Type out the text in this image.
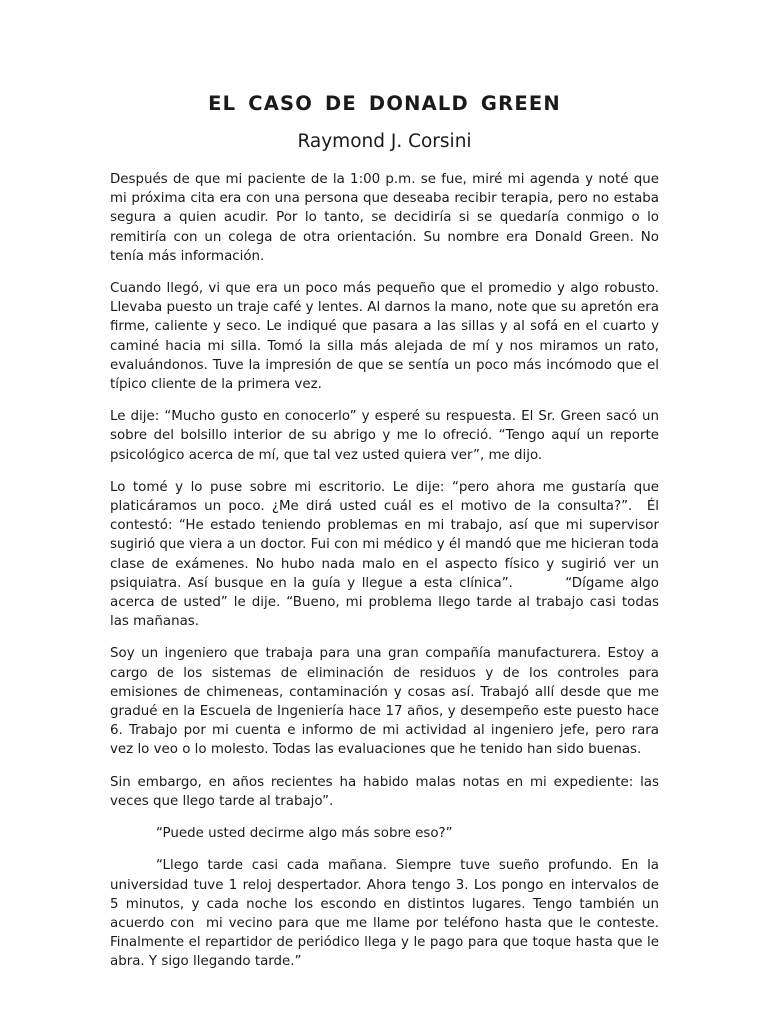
EL CASO DE DONALD GREEN
Raymond J. Corsini

Después de que mi paciente de la 1:00 p.m. se fue, miré mi agenda y noté que mi próxima cita era con una persona que deseaba recibir terapia, pero no estaba segura a quien acudir. Por lo tanto, se decidiría si se quedaría conmigo o lo remitiría con un colega de otra orientación. Su nombre era Donald Green. No tenía más información.

Cuando llegó, vi que era un poco más pequeño que el promedio y algo robusto. Llevaba puesto un traje café y lentes. Al darnos la mano, note que su apretón era firme, caliente y seco. Le indiqué que pasara a las sillas y al sofá en el cuarto y caminé hacia mi silla. Tomó la silla más alejada de mí y nos miramos un rato, evaluándonos. Tuve la impresión de que se sentía un poco más incómodo que el típico cliente de la primera vez.

Le dije: “Mucho gusto en conocerlo” y esperé su respuesta. El Sr. Green sacó un sobre del bolsillo interior de su abrigo y me lo ofreció. “Tengo aquí un reporte psicológico acerca de mí, que tal vez usted quiera ver”, me dijo.

Lo tomé y lo puse sobre mi escritorio. Le dije: “pero ahora me gustaría que platicáramos un poco. ¿Me dirá usted cuál es el motivo de la consulta?”.  Él contestó: “He estado teniendo problemas en mi trabajo, así que mi supervisor sugirió que viera a un doctor. Fui con mi médico y él mandó que me hicieran toda clase de exámenes. No hubo nada malo en el aspecto físico y sugirió ver un psiquiatra. Así busque en la guía y llegue a esta clínica”.        “Dígame algo acerca de usted” le dije. “Bueno, mi problema llego tarde al trabajo casi todas las mañanas.

Soy un ingeniero que trabaja para una gran compañía manufacturera. Estoy a cargo de los sistemas de eliminación de residuos y de los controles para emisiones de chimeneas, contaminación y cosas así. Trabajó allí desde que me gradué en la Escuela de Ingeniería hace 17 años, y desempeño este puesto hace 6. Trabajo por mi cuenta e informo de mi actividad al ingeniero jefe, pero rara vez lo veo o lo molesto. Todas las evaluaciones que he tenido han sido buenas.

Sin embargo, en años recientes ha habido malas notas en mi expediente: las veces que llego tarde al trabajo”.

“Puede usted decirme algo más sobre eso?”

“Llego tarde casi cada mañana. Siempre tuve sueño profundo. En la universidad tuve 1 reloj despertador. Ahora tengo 3. Los pongo en intervalos de 5 minutos, y cada noche los escondo en distintos lugares. Tengo también un acuerdo con  mi vecino para que me llame por teléfono hasta que le conteste. Finalmente el repartidor de periódico llega y le pago para que toque hasta que le abra. Y sigo llegando tarde.”
